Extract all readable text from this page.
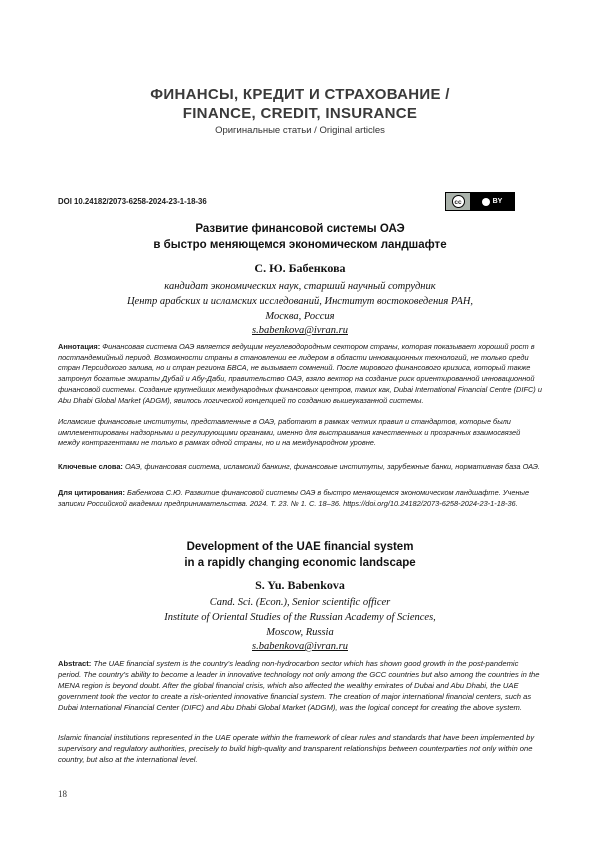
ФИНАНСЫ, КРЕДИТ И СТРАХОВАНИЕ /
FINANCE, CREDIT, INSURANCE
Оригинальные статьи / Original articles
DOI 10.24182/2073-6258-2024-23-1-18-36	cc	BY
Развитие финансовой системы ОАЭ
в быстро меняющемся экономическом ландшафте
С. Ю. Бабенкова
кандидат экономических наук, старший научный сотрудник
Центр арабских и исламских исследований, Институт востоковедения РАН,
Москва, Россия
s.babenkova@ivran.ru
Аннотация: Финансовая система ОАЭ является ведущим неуглеводородным сектором страны, которая показывает хороший рост в постпандемийный период. Возможности страны в становлении ее лидером в области инновационных технологий, не только среди стран Персидского залива, но и стран региона БВСА, не вызывает сомнений. После мирового финансового кризиса, который также затронул богатые эмираты Дубай и Абу-Даби, правительство ОАЭ, взяло вектор на создание риск ориентированной инновационной финансовой системы. Создание крупнейших международных финансовых центров, таких как, Dubai International Financial Centre (DIFC) и Abu Dhabi Global Market (ADGM), явилось логической концепцией по созданию вышеуказанной системы.
Исламские финансовые институты, представленные в ОАЭ, работают в рамках четких правил и стандартов, которые были имплементированы надзорными и регулирующими органами, именно для выстраивания качественных и прозрачных взаимосвязей между контрагентами не только в рамках одной страны, но и на международном уровне.
Ключевые слова: ОАЭ, финансовая система, исламский банкинг, финансовые институты, зарубежные банки, нормативная база ОАЭ.
Для цитирования: Бабенкова С.Ю. Развитие финансовой системы ОАЭ в быстро меняющемся экономическом ландшафте. Ученые записки Российской академии предпринимательства. 2024. Т. 23. № 1. С. 18–36. https://doi.org/10.24182/2073-6258-2024-23-1-18-36.
Development of the UAE financial system
in a rapidly changing economic landscape
S. Yu. Babenkova
Cand. Sci. (Econ.), Senior scientific officer
Institute of Oriental Studies of the Russian Academy of Sciences,
Moscow, Russia
s.babenkova@ivran.ru
Abstract: The UAE financial system is the country’s leading non-hydrocarbon sector which has shown good growth in the post-pandemic period. The country’s ability to become a leader in innovative technology not only among the GCC countries but also among the countries in the MENA region is beyond doubt. After the global financial crisis, which also affected the wealthy emirates of Dubai and Abu Dhabi, the UAE government took the vector to create a risk-oriented innovative financial system. The creation of major international financial centers, such as Dubai International Financial Center (DIFC) and Abu Dhabi Global Market (ADGM), was the logical concept for creating the above system.
Islamic financial institutions represented in the UAE operate within the framework of clear rules and standards that have been implemented by supervisory and regulatory authorities, precisely to build high-quality and transparent relationships between counterparties not only within one country, but also at the international level.
18
